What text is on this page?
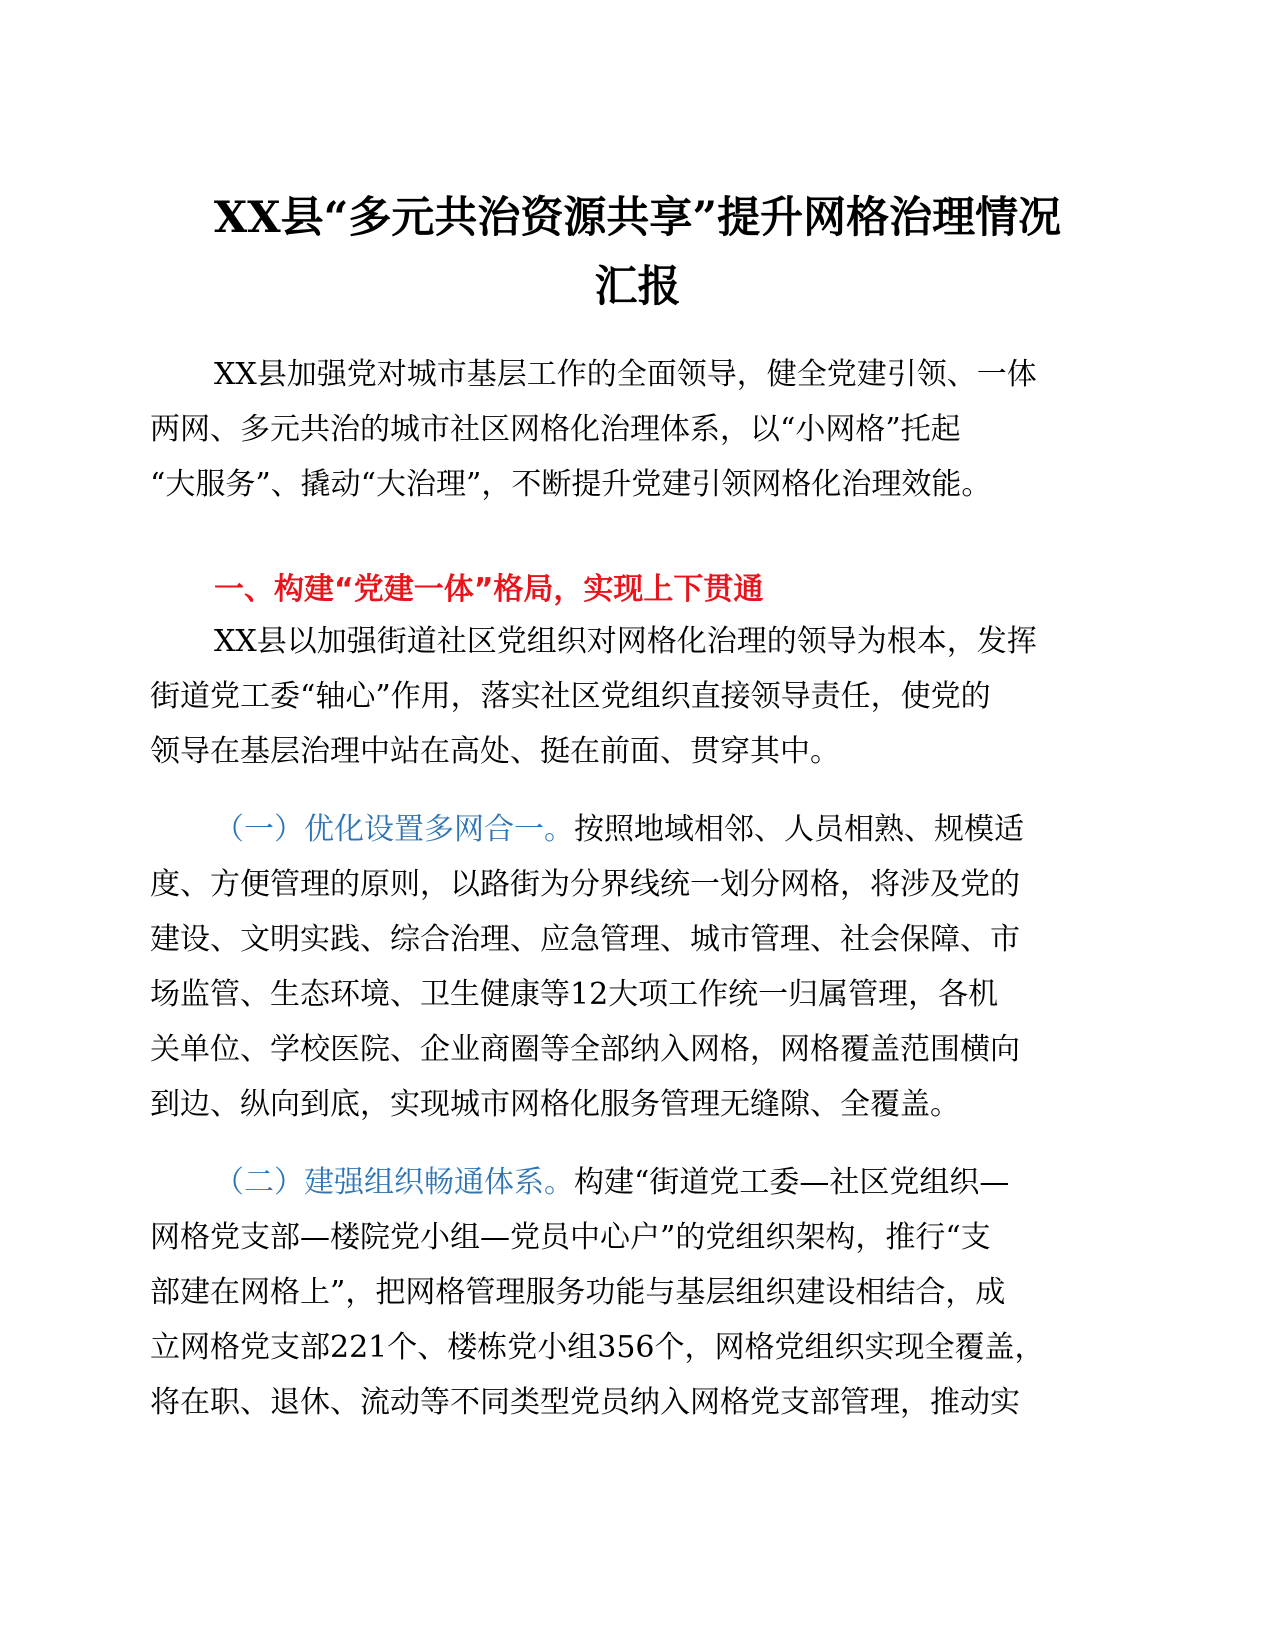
XX县“多元共治资源共享”提升网格治理情况
汇报
XX县加强党对城市基层工作的全面领导，健全党建引领、一体
两网、多元共治的城市社区网格化治理体系，以“小网格”托起
“大服务”、撬动“大治理”，不断提升党建引领网格化治理效能。
一、构建“党建一体”格局，实现上下贯通
XX县以加强街道社区党组织对网格化治理的领导为根本，发挥
街道党工委“轴心”作用，落实社区党组织直接领导责任，使党的
领导在基层治理中站在高处、挺在前面、贯穿其中。
（一）优化设置多网合一。按照地域相邻、人员相熟、规模适
度、方便管理的原则，以路街为分界线统一划分网格，将涉及党的
建设、文明实践、综合治理、应急管理、城市管理、社会保障、市
场监管、生态环境、卫生健康等12大项工作统一归属管理，各机
关单位、学校医院、企业商圈等全部纳入网格，网格覆盖范围横向
到边、纵向到底，实现城市网格化服务管理无缝隙、全覆盖。
（二）建强组织畅通体系。构建“街道党工委—社区党组织—
网格党支部—楼院党小组—党员中心户”的党组织架构，推行“支
部建在网格上”，把网格管理服务功能与基层组织建设相结合，成
立网格党支部221个、楼栋党小组356个，网格党组织实现全覆盖，
将在职、退休、流动等不同类型党员纳入网格党支部管理，推动实
